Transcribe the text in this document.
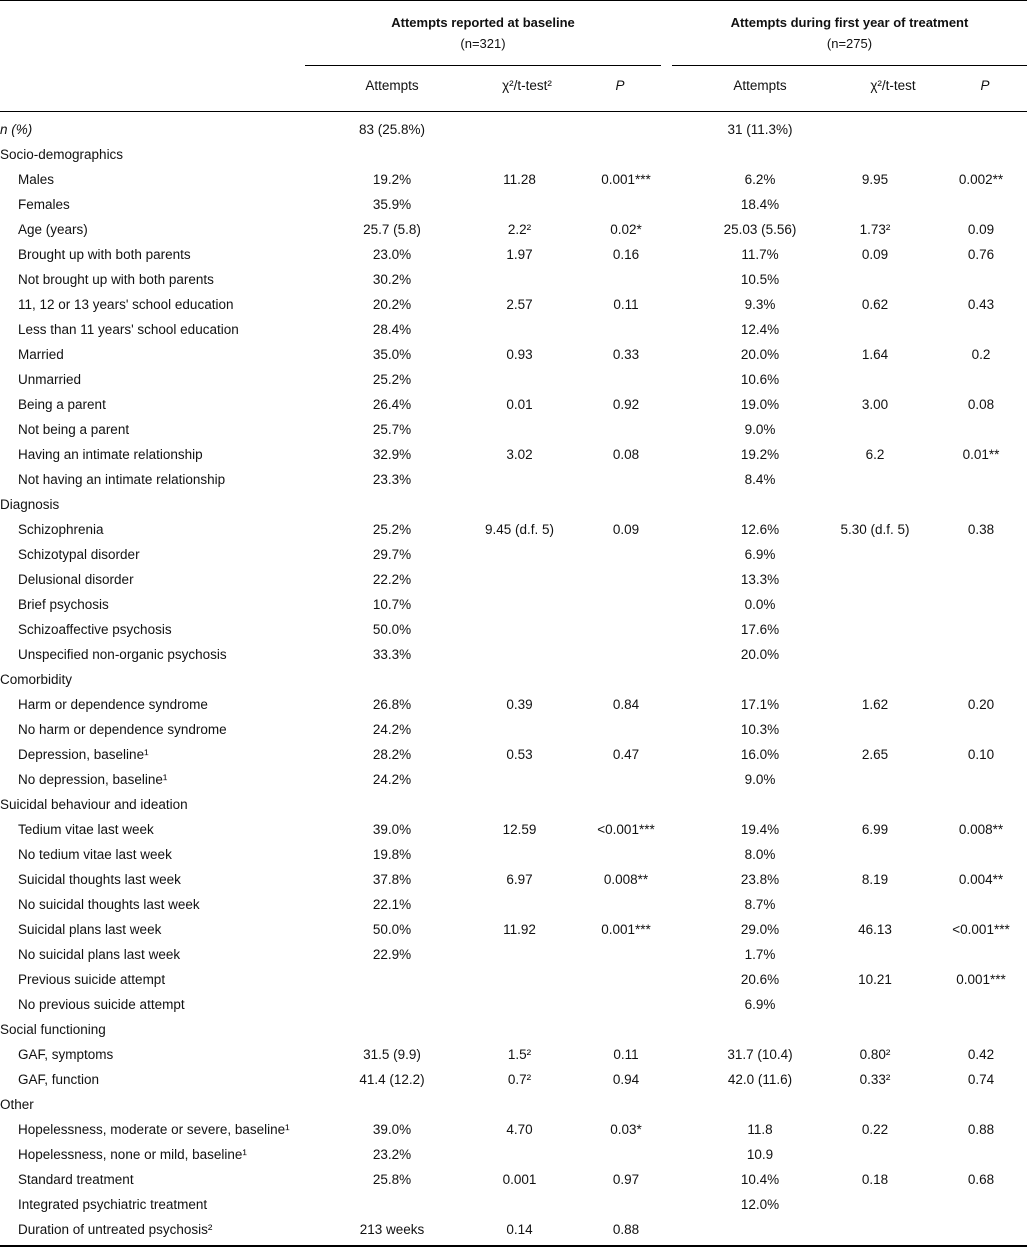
Attempts reported at baseline
(n=321)
Attempts during first year of treatment
(n=275)
Attempts	χ²/t-test²	P	Attempts	χ²/t-test	P
n (%)	83 (25.8%)				31 (11.3%)		
Socio-demographics							
Males	19.2%	11.28	0.001***		6.2%	9.95	0.002**
Females	35.9%				18.4%		
Age (years)	25.7 (5.8)	2.2²	0.02*		25.03 (5.56)	1.73²	0.09
Brought up with both parents	23.0%	1.97	0.16		11.7%	0.09	0.76
Not brought up with both parents	30.2%				10.5%		
11, 12 or 13 years' school education	20.2%	2.57	0.11		9.3%	0.62	0.43
Less than 11 years' school education	28.4%				12.4%		
Married	35.0%	0.93	0.33		20.0%	1.64	0.2
Unmarried	25.2%				10.6%		
Being a parent	26.4%	0.01	0.92		19.0%	3.00	0.08
Not being a parent	25.7%				9.0%		
Having an intimate relationship	32.9%	3.02	0.08		19.2%	6.2	0.01**
Not having an intimate relationship	23.3%				8.4%		
Diagnosis							
Schizophrenia	25.2%	9.45 (d.f. 5)	0.09		12.6%	5.30 (d.f. 5)	0.38
Schizotypal disorder	29.7%				6.9%		
Delusional disorder	22.2%				13.3%		
Brief psychosis	10.7%				0.0%		
Schizoaffective psychosis	50.0%				17.6%		
Unspecified non-organic psychosis	33.3%				20.0%		
Comorbidity							
Harm or dependence syndrome	26.8%	0.39	0.84		17.1%	1.62	0.20
No harm or dependence syndrome	24.2%				10.3%		
Depression, baseline¹	28.2%	0.53	0.47		16.0%	2.65	0.10
No depression, baseline¹	24.2%				9.0%		
Suicidal behaviour and ideation							
Tedium vitae last week	39.0%	12.59	<0.001***		19.4%	6.99	0.008**
No tedium vitae last week	19.8%				8.0%		
Suicidal thoughts last week	37.8%	6.97	0.008**		23.8%	8.19	0.004**
No suicidal thoughts last week	22.1%				8.7%		
Suicidal plans last week	50.0%	11.92	0.001***		29.0%	46.13	<0.001***
No suicidal plans last week	22.9%				1.7%		
Previous suicide attempt					20.6%	10.21	0.001***
No previous suicide attempt					6.9%		
Social functioning							
GAF, symptoms	31.5 (9.9)	1.5²	0.11		31.7 (10.4)	0.80²	0.42
GAF, function	41.4 (12.2)	0.7²	0.94		42.0 (11.6)	0.33²	0.74
Other							
Hopelessness, moderate or severe, baseline¹	39.0%	4.70	0.03*		11.8	0.22	0.88
Hopelessness, none or mild, baseline¹	23.2%				10.9		
Standard treatment	25.8%	0.001	0.97		10.4%	0.18	0.68
Integrated psychiatric treatment					12.0%		
Duration of untreated psychosis²	213 weeks	0.14	0.88				
